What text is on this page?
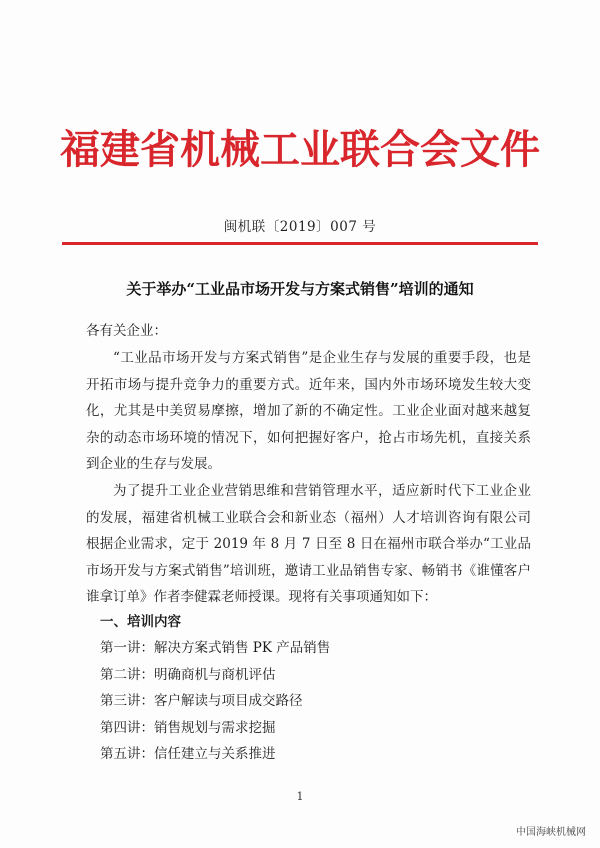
福建省机械工业联合会文件
闽机联〔2019〕007 号
关于举办“工业品市场开发与方案式销售”培训的通知
各有关企业：
“工业品市场开发与方案式销售”是企业生存与发展的重要手段，也是开拓市场与提升竞争力的重要方式。近年来，国内外市场环境发生较大变化，尤其是中美贸易摩擦，增加了新的不确定性。工业企业面对越来越复杂的动态市场环境的情况下，如何把握好客户，抢占市场先机，直接关系到企业的生存与发展。
为了提升工业企业营销思维和营销管理水平，适应新时代下工业企业的发展，福建省机械工业联合会和新业态（福州）人才培训咨询有限公司根据企业需求，定于 2019 年 8 月 7 日至 8 日在福州市联合举办“工业品市场开发与方案式销售”培训班，邀请工业品销售专家、畅销书《谁懂客户谁拿订单》作者李健霖老师授课。现将有关事项通知如下：
一、培训内容
第一讲：解决方案式销售 PK 产品销售
第二讲：明确商机与商机评估
第三讲：客户解读与项目成交路径
第四讲：销售规划与需求挖掘
第五讲：信任建立与关系推进
1
中国海峡机械网
